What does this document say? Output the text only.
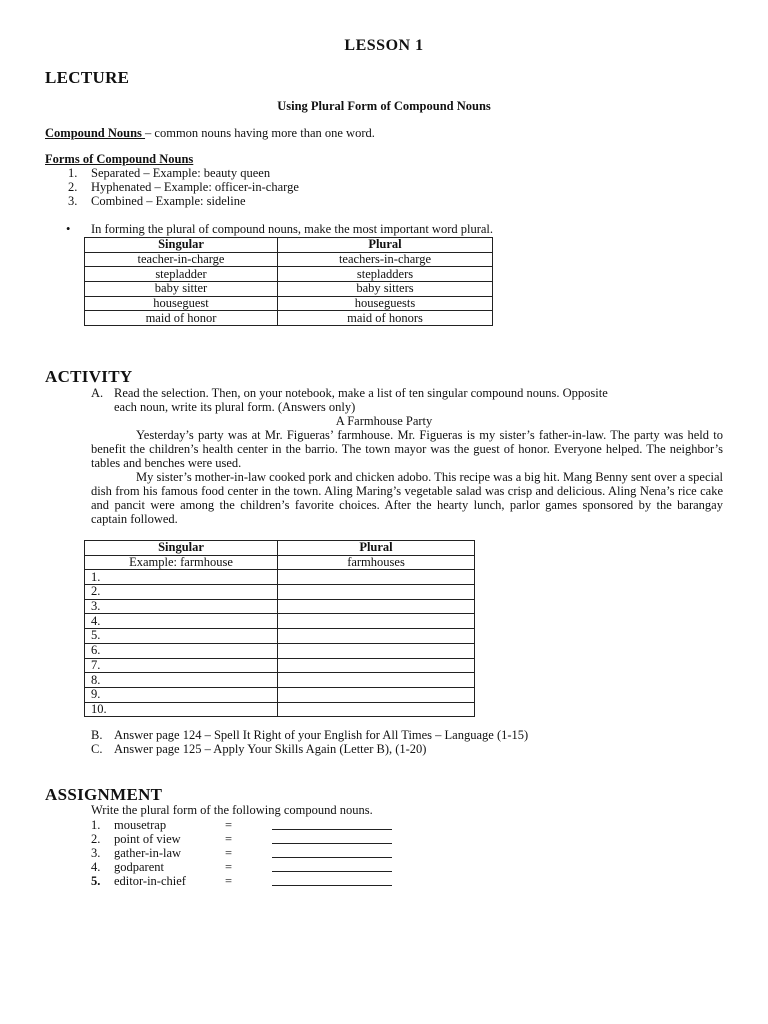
LESSON 1
LECTURE
Using Plural Form of Compound Nouns
Compound Nouns – common nouns having more than one word.
Forms of Compound Nouns
1. Separated – Example: beauty queen
2. Hyphenated – Example: officer-in-charge
3. Combined – Example: sideline
• In forming the plural of compound nouns, make the most important word plural.
Singular	Plural
teacher-in-charge	teachers-in-charge
stepladder	stepladders
baby sitter	baby sitters
houseguest	houseguests
maid of honor	maid of honors
ACTIVITY
A. Read the selection. Then, on your notebook, make a list of ten singular compound nouns. Opposite
each noun, write its plural form. (Answers only)
A Farmhouse Party
Yesterday’s party was at Mr. Figueras’ farmhouse. Mr. Figueras is my sister’s father-in-law. The party was held to benefit the children’s health center in the barrio. The town mayor was the guest of honor. Everyone helped. The neighbor’s tables and benches were used.
My sister’s mother-in-law cooked pork and chicken adobo. This recipe was a big hit. Mang Benny sent over a special dish from his famous food center in the town. Aling Maring’s vegetable salad was crisp and delicious. Aling Nena’s rice cake and pancit were among the children’s favorite choices. After the hearty lunch, parlor games sponsored by the barangay captain followed.
Singular	Plural
Example: farmhouse	farmhouses
1.	
2.	
3.	
4.	
5.	
6.	
7.	
8.	
9.	
10.	
B. Answer page 124 – Spell It Right of your English for All Times – Language (1-15)
C. Answer page 125 – Apply Your Skills Again (Letter B), (1-20)
ASSIGNMENT
Write the plural form of the following compound nouns.
1. mousetrap	=
2. point of view	=
3. gather-in-law	=
4. godparent	=
5. editor-in-chief	=
